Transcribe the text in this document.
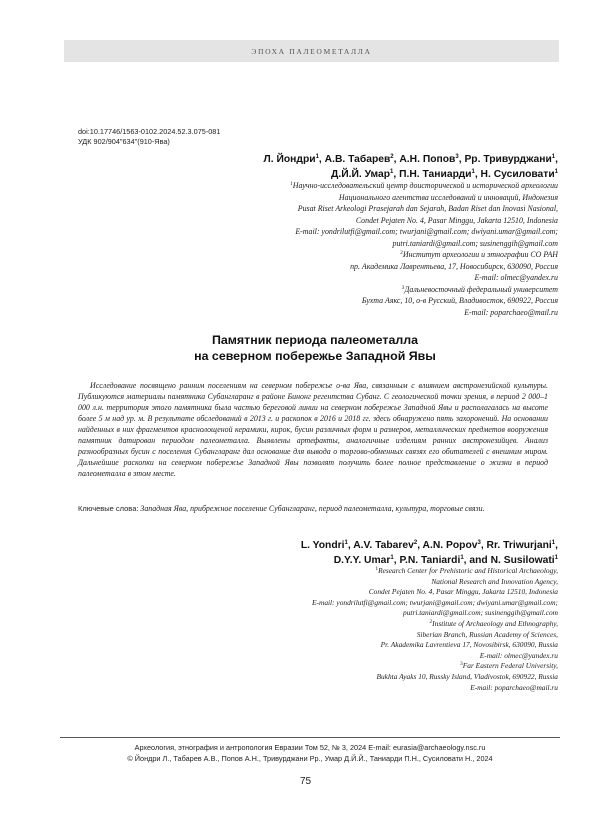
ЭПОХА ПАЛЕОМЕТАЛЛА
doi:10.17746/1563-0102.2024.52.3.075-081
УДК 902/904"634"(910-Ява)
Л. Йондри$^1$, А.В. Табарев$^2$, А.Н. Попов$^3$, Рр. Тривурджани$^1$,
Д.Й.Й. Умар$^1$, П.Н. Таниарди$^1$, Н. Сусиловати$^1$
$^1$Научно-исследовательский центр доисторической и исторической археологии
Национального агентства исследований и инноваций, Индонезия
Pusat Riset Arkeologi Prasejarah dan Sejarah, Badan Riset dan Inovasi Nasional,
Condet Pejaten No. 4, Pasar Minggu, Jakarta 12510, Indonesia
E-mail: yondrilutfi@gmail.com; twurjani@gmail.com; dwiyani.umar@gmail.com;
putri.taniardi@gmail.com; susinenggih@gmail.com
$^2$Институт археологии и этнографии СО РАН
пр. Академика Лаврентьева, 17, Новосибирск, 630090, Россия
E-mail: olmec@yandex.ru
$^3$Дальневосточный федеральный университет
Бухта Аякс, 10, о-в Русский, Владивосток, 690922, Россия
E-mail: poparchaeo@mail.ru
Памятник периода палеометалла
на северном побережье Западной Явы

Исследование посвящено ранним поселениям на северном побережье о-ва Ява, связанным с влиянием австронезийской культуры. Публикуются материалы памятника Субангларанг в районе Бинонг регентства Субанг. С геологической точки зрения, в период 2 000–1 000 л.н. территория этого памятника была частью береговой линии на северном побережье Западной Явы и располагалась на высоте более 5 м над ур. м. В результате обследований в 2013 г. и раскопок в 2016 и 2018 гг. здесь обнаружено пять захоронений. На основании найденных в них фрагментов краснолощеной керамики, кирок, бусин различных форм и размеров, металлических предметов вооружения памятник датирован периодом палеометалла. Выявлены артефакты, аналогичные изделиям ранних австронезийцев. Анализ разнообразных бусин с поселения Субангларанг дал основание для вывода о торгово-обменных связях его обитателей с внешним миром. Дальнейшие раскопки на северном побережье Западной Явы позволят получить более полное представление о жизни в период палеометалла в этом месте.

Ключевые слова: Западная Ява, прибрежное поселение Субангларанг, период палеометалла, культура, торговые связи.
L. Yondri$^1$, A.V. Tabarev$^2$, A.N. Popov$^3$, Rr. Triwurjani$^1$,
D.Y.Y. Umar$^1$, P.N. Taniardi$^1$, and N. Susilowati$^1$
$^1$Research Center for Prehistoric and Historical Archaeology,
National Research and Innovation Agency,
Condet Pejaten No. 4, Pasar Minggu, Jakarta 12510, Indonesia
E-mail: yondrilutfi@gmail.com; twurjani@gmail.com; dwiyani.umar@gmail.com;
putri.taniardi@gmail.com; susinenggih@gmail.com
$^2$Institute of Archaeology and Ethnography,
Siberian Branch, Russian Academy of Sciences,
Pr. Akademika Lavrentieva 17, Novosibirsk, 630090, Russia
E-mail: olmec@yandex.ru
$^3$Far Eastern Federal University,
Bukhta Ayaks 10, Russky Island, Vladivostok, 690922, Russia
E-mail: poparchaeo@mail.ru
Археология, этнография и антропология Евразии Том 52, № 3, 2024 E-mail: eurasia@archaeology.nsc.ru
© Йондри Л., Табарев А.В., Попов А.Н., Тривурджани Рр., Умар Д.Й.Й., Таниарди П.Н., Сусиловати Н., 2024
75
